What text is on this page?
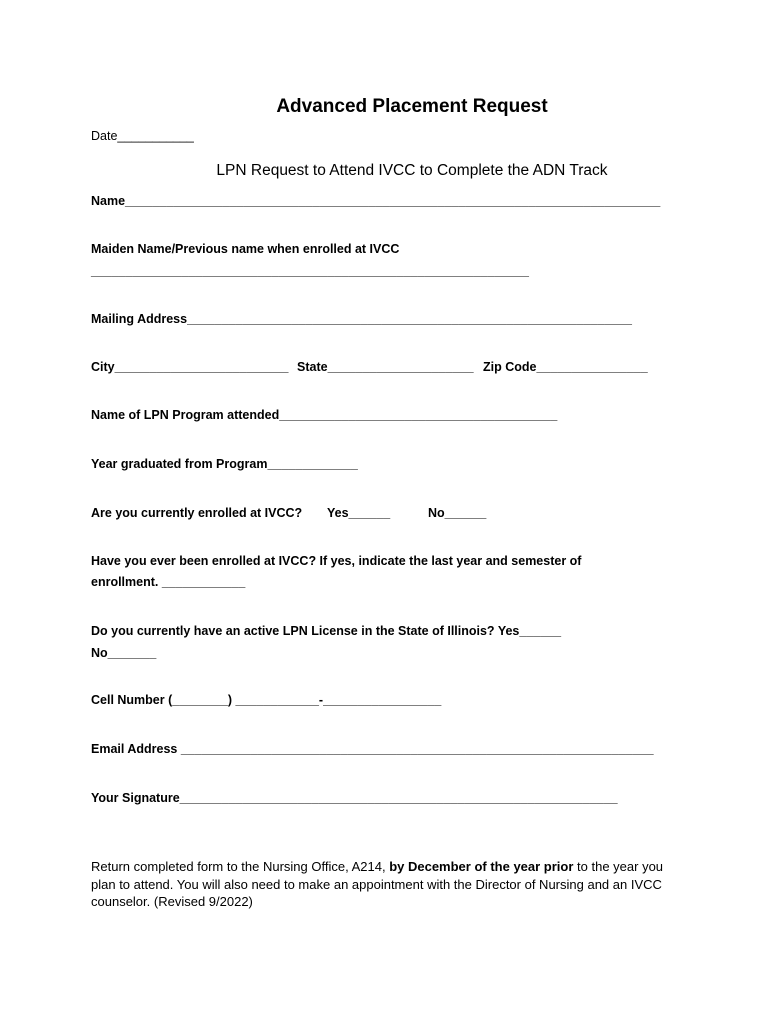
Advanced Placement Request
Date___________
LPN Request to Attend IVCC to Complete the ADN Track
Name_____________________________________________________________________________
Maiden Name/Previous name when enrolled at IVCC
_______________________________________________________________
Mailing Address________________________________________________________________
City_________________________ State_____________________ Zip Code________________
Name of LPN Program attended________________________________________
Year graduated from Program_____________
Are you currently enrolled at IVCC? Yes______	No______
Have you ever been enrolled at IVCC? If yes, indicate the last year and semester of
enrollment. ____________
Do you currently have an active LPN License in the State of Illinois? Yes______
No_______
Cell Number (________) ____________-_________________
Email Address ____________________________________________________________________
Your Signature_______________________________________________________________
Return completed form to the Nursing Office, A214, by December of the year prior to the year you plan to attend. You will also need to make an appointment with the Director of Nursing and an IVCC counselor. (Revised 9/2022)
